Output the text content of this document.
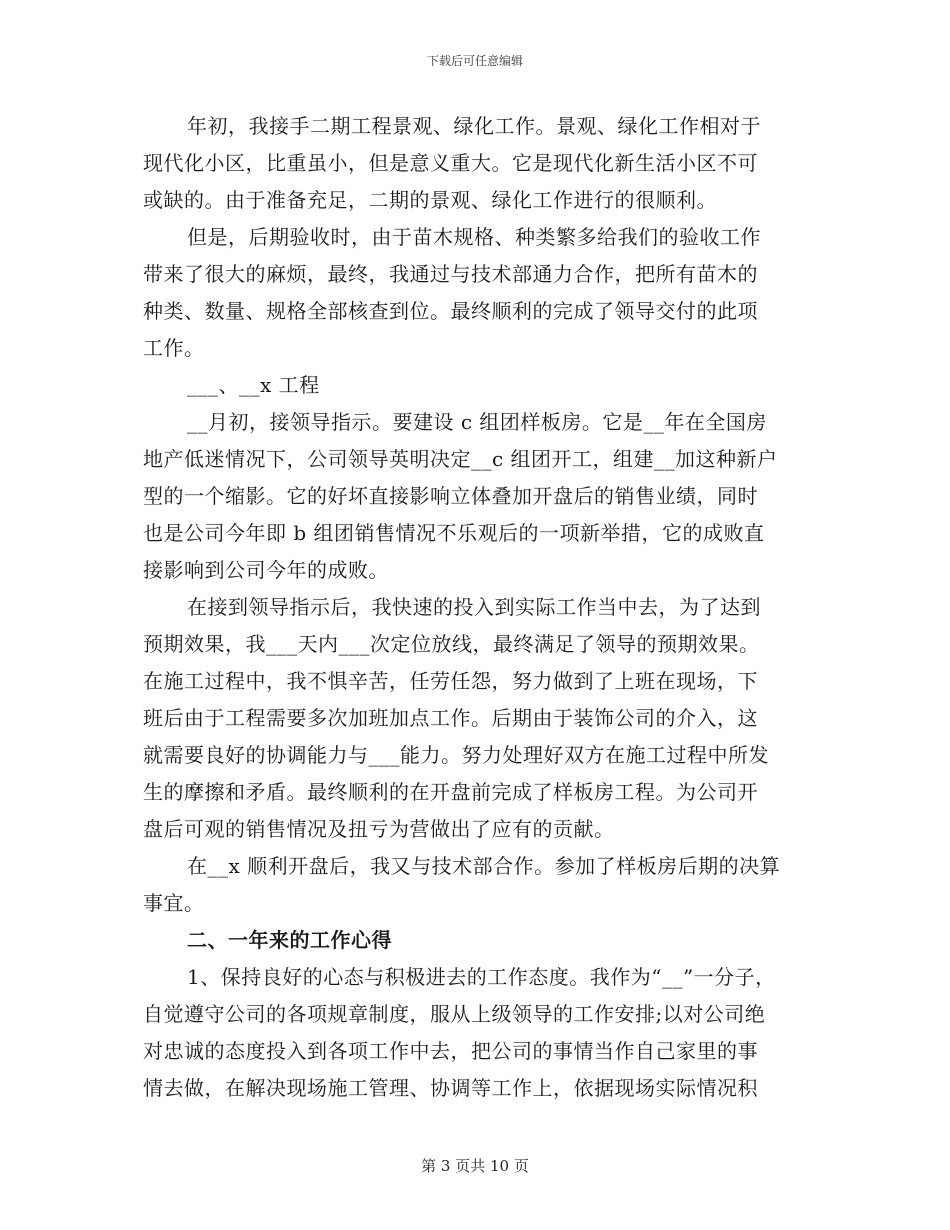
下载后可任意编辑
年初，我接手二期工程景观、绿化工作。景观、绿化工作相对于
现代化小区，比重虽小，但是意义重大。它是现代化新生活小区不可
或缺的。由于准备充足，二期的景观、绿化工作进行的很顺利。
但是，后期验收时，由于苗木规格、种类繁多给我们的验收工作
带来了很大的麻烦，最终，我通过与技术部通力合作，把所有苗木的
种类、数量、规格全部核查到位。最终顺利的完成了领导交付的此项
工作。
___、__x 工程
__月初，接领导指示。要建设 c 组团样板房。它是__年在全国房
地产低迷情况下，公司领导英明决定__c 组团开工，组建__加这种新户
型的一个缩影。它的好坏直接影响立体叠加开盘后的销售业绩，同时
也是公司今年即 b 组团销售情况不乐观后的一项新举措，它的成败直
接影响到公司今年的成败。
在接到领导指示后，我快速的投入到实际工作当中去，为了达到
预期效果，我___天内___次定位放线，最终满足了领导的预期效果。
在施工过程中，我不惧辛苦，任劳任怨，努力做到了上班在现场，下
班后由于工程需要多次加班加点工作。后期由于装饰公司的介入，这
就需要良好的协调能力与___能力。努力处理好双方在施工过程中所发
生的摩擦和矛盾。最终顺利的在开盘前完成了样板房工程。为公司开
盘后可观的销售情况及扭亏为营做出了应有的贡献。
在__x 顺利开盘后，我又与技术部合作。参加了样板房后期的决算
事宜。
二、一年来的工作心得
1、保持良好的心态与积极进去的工作态度。我作为“__”一分子，
自觉遵守公司的各项规章制度，服从上级领导的工作安排;以对公司绝
对忠诚的态度投入到各项工作中去，把公司的事情当作自己家里的事
情去做，在解决现场施工管理、协调等工作上，依据现场实际情况积
第 3 页共 10 页
